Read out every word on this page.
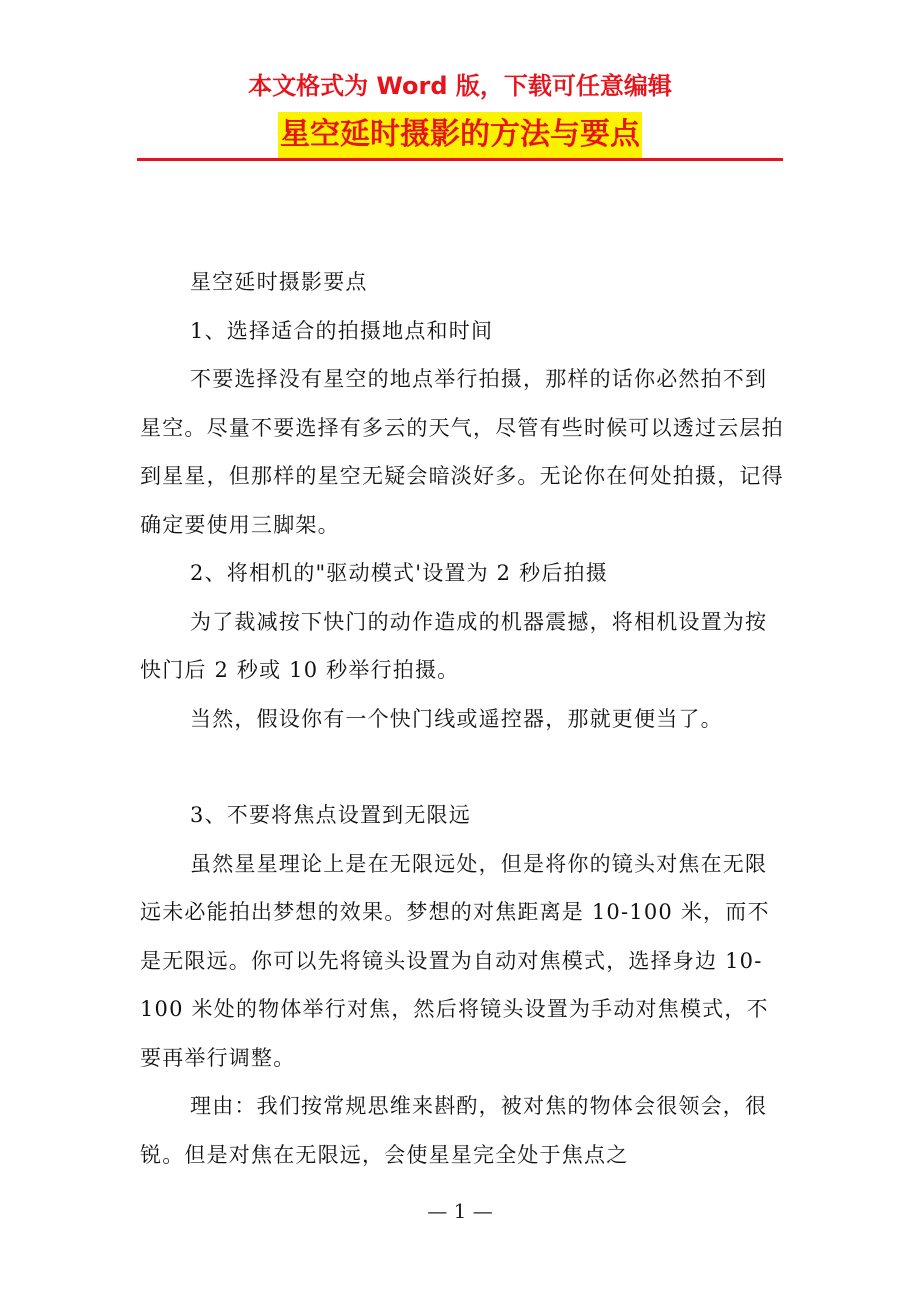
本文格式为 Word 版，下载可任意编辑
星空延时摄影的方法与要点

星空延时摄影要点

1、选择适合的拍摄地点和时间

不要选择没有星空的地点举行拍摄，那样的话你必然拍不到星空。尽量不要选择有多云的天气，尽管有些时候可以透过云层拍到星星，但那样的星空无疑会暗淡好多。无论你在何处拍摄，记得确定要使用三脚架。

2、将相机的"驱动模式'设置为 2 秒后拍摄

为了裁减按下快门的动作造成的机器震撼，将相机设置为按快门后 2 秒或 10 秒举行拍摄。

当然，假设你有一个快门线或遥控器，那就更便当了。

3、不要将焦点设置到无限远

虽然星星理论上是在无限远处，但是将你的镜头对焦在无限远未必能拍出梦想的效果。梦想的对焦距离是 10-100 米，而不是无限远。你可以先将镜头设置为自动对焦模式，选择身边 10-100 米处的物体举行对焦，然后将镜头设置为手动对焦模式，不要再举行调整。

理由：我们按常规思维来斟酌，被对焦的物体会很领会，很锐。但是对焦在无限远，会使星星完全处于焦点之

— 1 —
